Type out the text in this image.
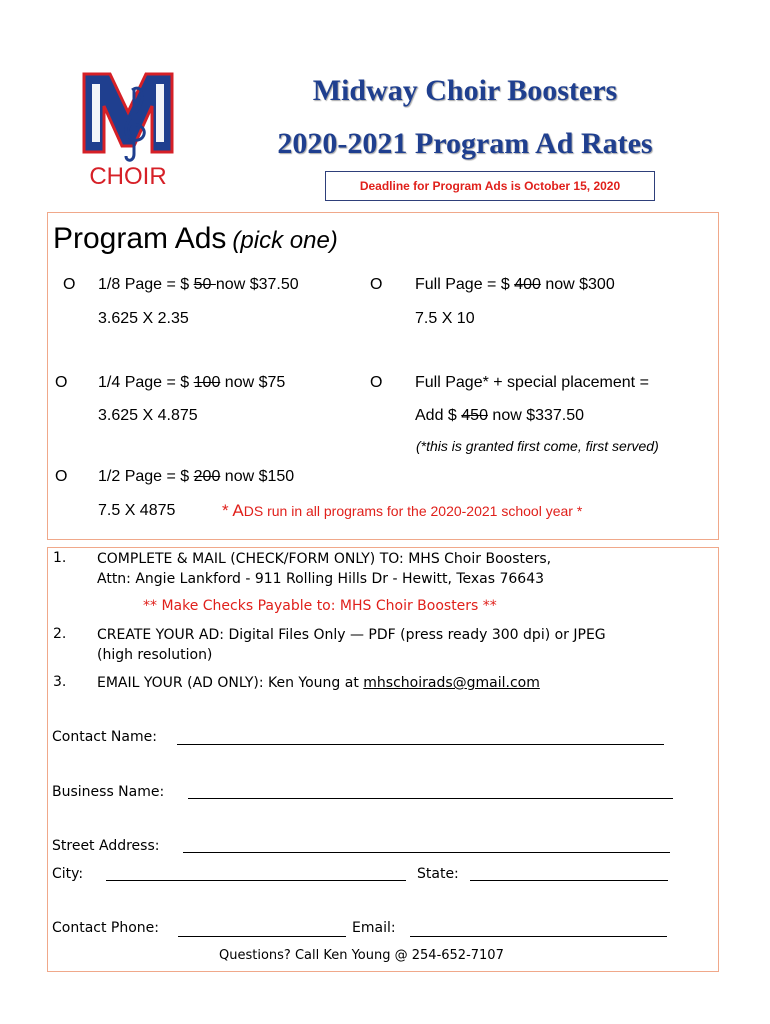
CHOIR
Midway Choir Boosters
2020-2021 Program Ad Rates
Deadline for Program Ads is October 15, 2020
Program Ads (pick one)
O 1/8 Page = $ 50 now $37.50
3.625 X 2.35
O Full Page = $ 400 now $300
7.5 X 10
O 1/4 Page = $ 100 now $75
3.625 X 4.875
O Full Page* + special placement =
Add $ 450 now $337.50
(*this is granted first come, first served)
O 1/2 Page = $ 200 now $150
7.5 X 4875	* ADS run in all programs for the 2020-2021 school year *
1. COMPLETE & MAIL (CHECK/FORM ONLY) TO: MHS Choir Boosters,
Attn: Angie Lankford - 911 Rolling Hills Dr - Hewitt, Texas 76643
** Make Checks Payable to: MHS Choir Boosters **
2. CREATE YOUR AD: Digital Files Only — PDF (press ready 300 dpi) or JPEG
(high resolution)
3. EMAIL YOUR (AD ONLY): Ken Young at mhschoirads@gmail.com
Contact Name:
Business Name:
Street Address:
City:	State:
Contact Phone:	Email:
Questions? Call Ken Young @ 254-652-7107
